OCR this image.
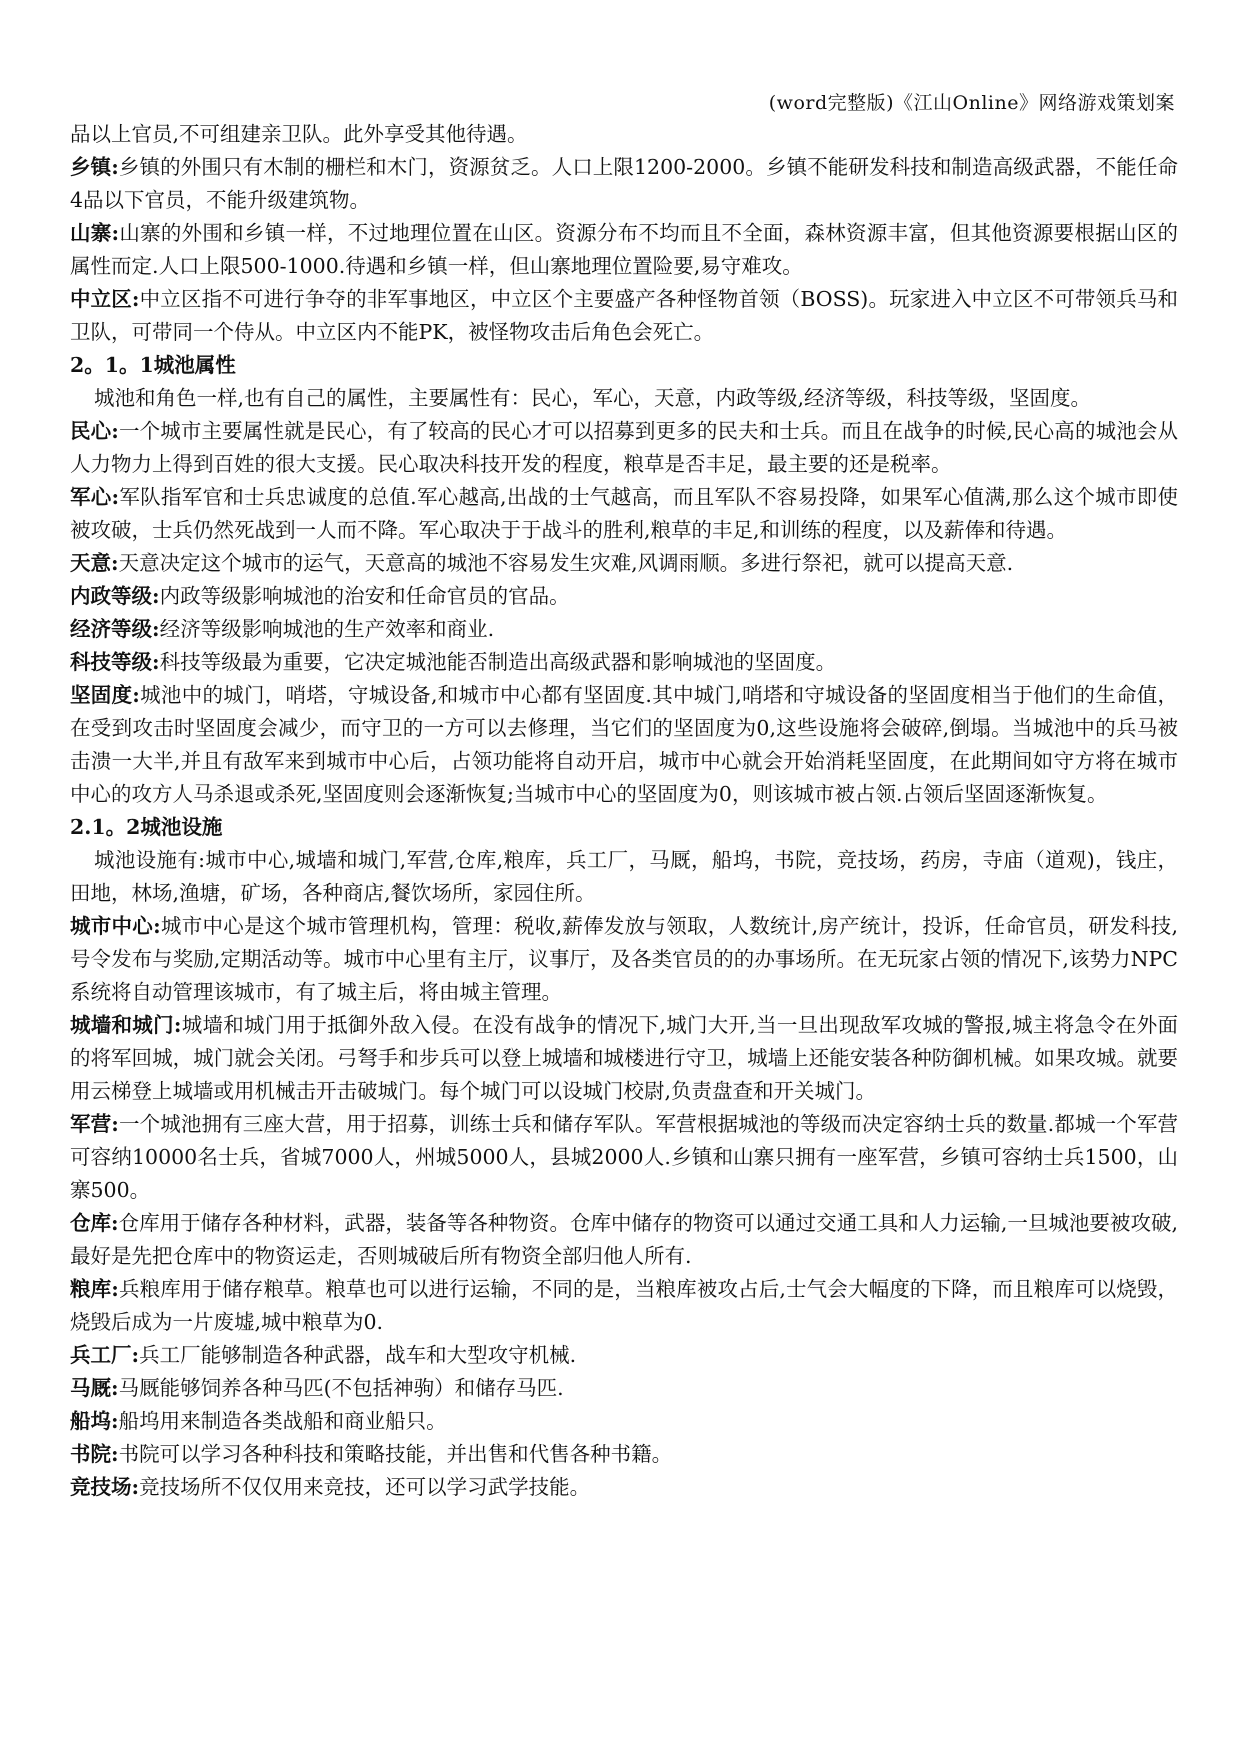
(word完整版)《江山Online》网络游戏策划案

品以上官员,不可组建亲卫队。此外享受其他待遇。

乡镇:乡镇的外围只有木制的栅栏和木门，资源贫乏。人口上限1200-2000。乡镇不能研发科技和制造高级武器，不能任命4品以下官员，不能升级建筑物。

山寨:山寨的外围和乡镇一样，不过地理位置在山区。资源分布不均而且不全面，森林资源丰富，但其他资源要根据山区的属性而定.人口上限500-1000.待遇和乡镇一样，但山寨地理位置险要,易守难攻。

中立区:中立区指不可进行争夺的非军事地区，中立区个主要盛产各种怪物首领（BOSS)。玩家进入中立区不可带领兵马和卫队，可带同一个侍从。中立区内不能PK，被怪物攻击后角色会死亡。

2。1。1城池属性

城池和角色一样,也有自己的属性，主要属性有：民心，军心，天意，内政等级,经济等级，科技等级，坚固度。

民心:一个城市主要属性就是民心，有了较高的民心才可以招募到更多的民夫和士兵。而且在战争的时候,民心高的城池会从人力物力上得到百姓的很大支援。民心取决科技开发的程度，粮草是否丰足，最主要的还是税率。

军心:军队指军官和士兵忠诚度的总值.军心越高,出战的士气越高，而且军队不容易投降，如果军心值满,那么这个城市即使被攻破，士兵仍然死战到一人而不降。军心取决于于战斗的胜利,粮草的丰足,和训练的程度，以及薪俸和待遇。

天意:天意决定这个城市的运气，天意高的城池不容易发生灾难,风调雨顺。多进行祭祀，就可以提高天意.

内政等级:内政等级影响城池的治安和任命官员的官品。

经济等级:经济等级影响城池的生产效率和商业.

科技等级:科技等级最为重要，它决定城池能否制造出高级武器和影响城池的坚固度。

坚固度:城池中的城门，哨塔，守城设备,和城市中心都有坚固度.其中城门,哨塔和守城设备的坚固度相当于他们的生命值，在受到攻击时坚固度会减少，而守卫的一方可以去修理，当它们的坚固度为0,这些设施将会破碎,倒塌。当城池中的兵马被击溃一大半,并且有敌军来到城市中心后，占领功能将自动开启，城市中心就会开始消耗坚固度，在此期间如守方将在城市中心的攻方人马杀退或杀死,坚固度则会逐渐恢复;当城市中心的坚固度为0，则该城市被占领.占领后坚固逐渐恢复。

2.1。2城池设施

城池设施有:城市中心,城墙和城门,军营,仓库,粮库，兵工厂，马厩，船坞，书院，竞技场，药房，寺庙（道观)，钱庄，田地，林场,渔塘，矿场，各种商店,餐饮场所，家园住所。

城市中心:城市中心是这个城市管理机构，管理：税收,薪俸发放与领取，人数统计,房产统计，投诉，任命官员，研发科技,号令发布与奖励,定期活动等。城市中心里有主厅，议事厅，及各类官员的的办事场所。在无玩家占领的情况下,该势力NPC系统将自动管理该城市，有了城主后，将由城主管理。

城墙和城门:城墙和城门用于抵御外敌入侵。在没有战争的情况下,城门大开,当一旦出现敌军攻城的警报,城主将急令在外面的将军回城，城门就会关闭。弓弩手和步兵可以登上城墙和城楼进行守卫，城墙上还能安装各种防御机械。如果攻城。就要用云梯登上城墙或用机械击开击破城门。每个城门可以设城门校尉,负责盘查和开关城门。

军营:一个城池拥有三座大营，用于招募，训练士兵和储存军队。军营根据城池的等级而决定容纳士兵的数量.都城一个军营可容纳10000名士兵，省城7000人，州城5000人，县城2000人.乡镇和山寨只拥有一座军营，乡镇可容纳士兵1500，山寨500。

仓库:仓库用于储存各种材料，武器，装备等各种物资。仓库中储存的物资可以通过交通工具和人力运输,一旦城池要被攻破,最好是先把仓库中的物资运走，否则城破后所有物资全部归他人所有.

粮库:兵粮库用于储存粮草。粮草也可以进行运输，不同的是，当粮库被攻占后,士气会大幅度的下降，而且粮库可以烧毁，烧毁后成为一片废墟,城中粮草为0.

兵工厂:兵工厂能够制造各种武器，战车和大型攻守机械.

马厩:马厩能够饲养各种马匹(不包括神驹）和储存马匹.

船坞:船坞用来制造各类战船和商业船只。

书院:书院可以学习各种科技和策略技能，并出售和代售各种书籍。

竞技场:竞技场所不仅仅用来竞技，还可以学习武学技能。
